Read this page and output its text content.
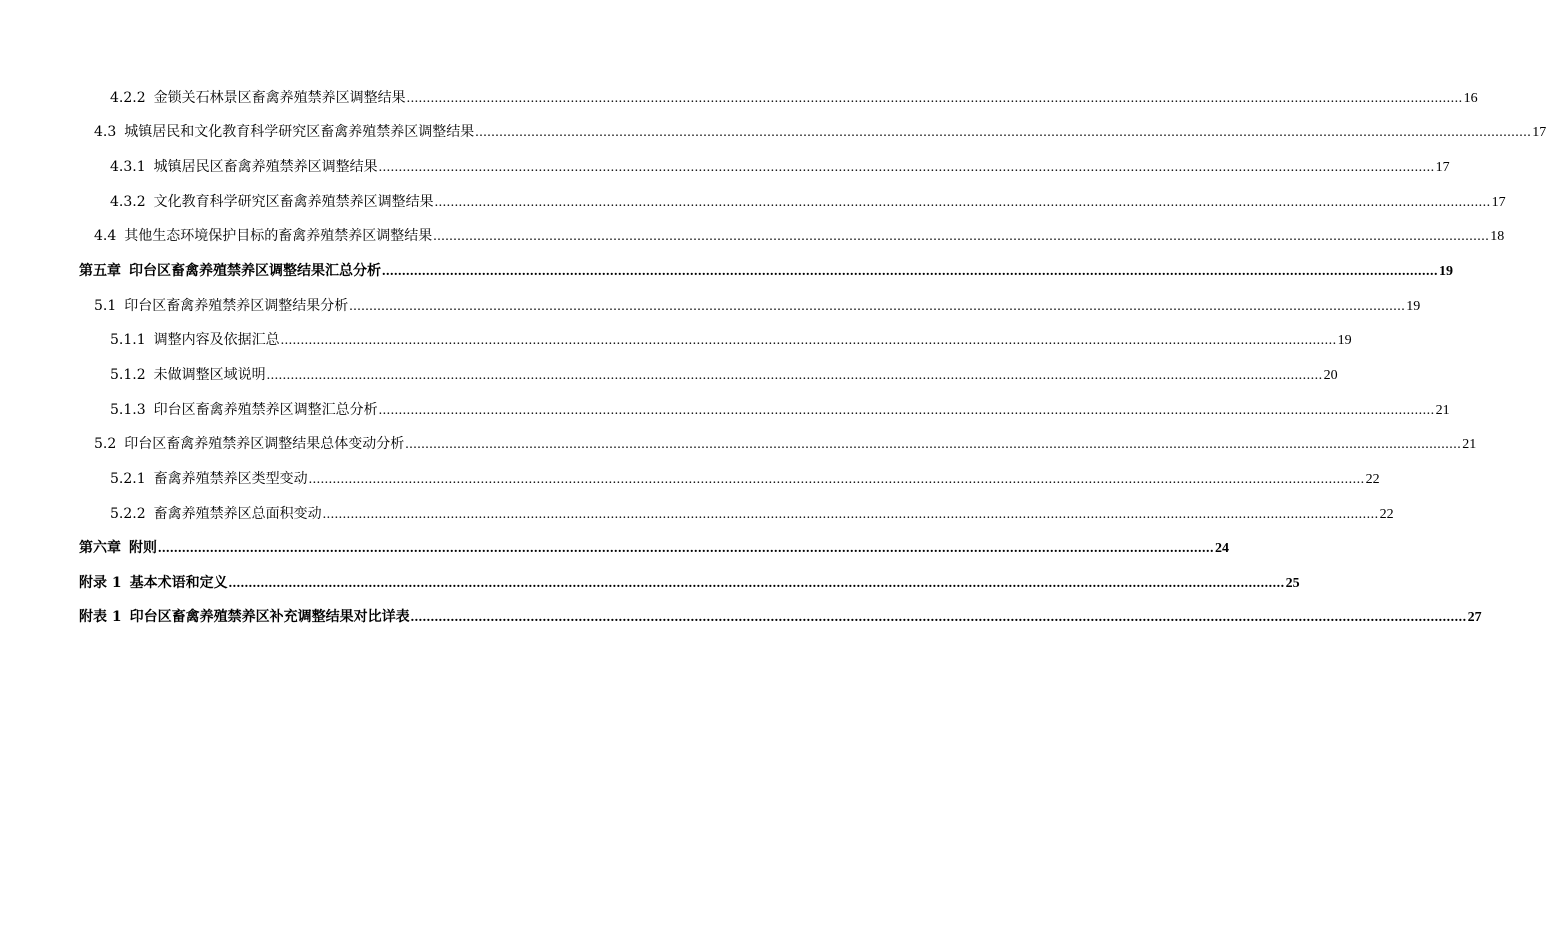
4.2.2 金锁关石林景区畜禽养殖禁养区调整结果 .....	16
4.3 城镇居民和文化教育科学研究区畜禽养殖禁养区调整结果 .....	17
4.3.1 城镇居民区畜禽养殖禁养区调整结果 .....	17
4.3.2 文化教育科学研究区畜禽养殖禁养区调整结果 .....	17
4.4 其他生态环境保护目标的畜禽养殖禁养区调整结果 .....	18
第五章 印台区畜禽养殖禁养区调整结果汇总分析 .....	19
5.1 印台区畜禽养殖禁养区调整结果分析 .....	19
5.1.1 调整内容及依据汇总 .....	19
5.1.2 未做调整区域说明 .....	20
5.1.3 印台区畜禽养殖禁养区调整汇总分析 .....	21
5.2 印台区畜禽养殖禁养区调整结果总体变动分析 .....	21
5.2.1 畜禽养殖禁养区类型变动 .....	22
5.2.2 畜禽养殖禁养区总面积变动 .....	22
第六章 附则 .....	24
附录 1 基本术语和定义 .....	25
附表 1 印台区畜禽养殖禁养区补充调整结果对比详表 .....	27
